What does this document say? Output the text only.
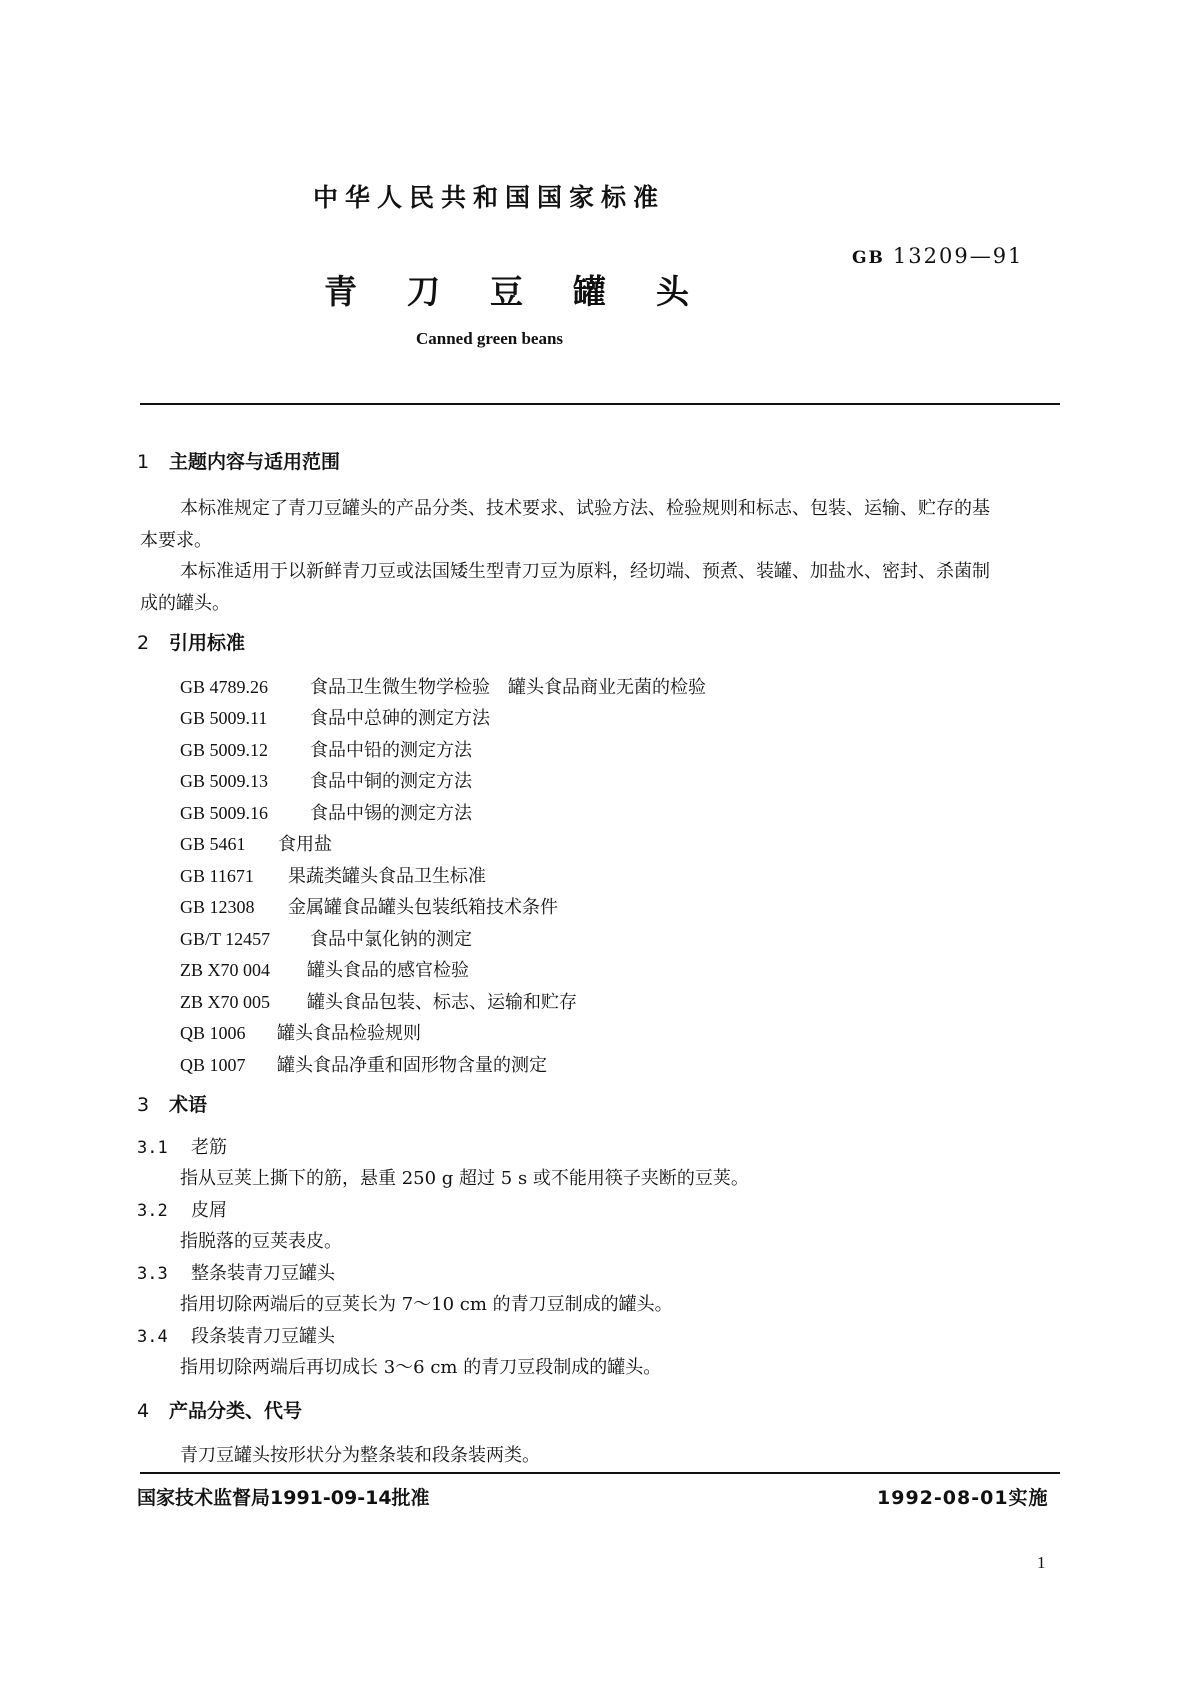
中华人民共和国国家标准
GB 13209—91
青刀豆罐头
Canned green beans
1 主题内容与适用范围
本标准规定了青刀豆罐头的产品分类、技术要求、试验方法、检验规则和标志、包装、运输、贮存的基
本要求。
本标准适用于以新鲜青刀豆或法国矮生型青刀豆为原料，经切端、预煮、装罐、加盐水、密封、杀菌制
成的罐头。
2 引用标准
GB 4789.26 食品卫生微生物学检验　罐头食品商业无菌的检验
GB 5009.11 食品中总砷的测定方法
GB 5009.12 食品中铅的测定方法
GB 5009.13 食品中铜的测定方法
GB 5009.16 食品中锡的测定方法
GB 5461 食用盐
GB 11671 果蔬类罐头食品卫生标准
GB 12308 金属罐食品罐头包装纸箱技术条件
GB/T 12457 食品中氯化钠的测定
ZB X70 004 罐头食品的感官检验
ZB X70 005 罐头食品包装、标志、运输和贮存
QB 1006 罐头食品检验规则
QB 1007 罐头食品净重和固形物含量的测定
3 术语
3.1 老筋
指从豆荚上撕下的筋，悬重 250 g 超过 5 s 或不能用筷子夹断的豆荚。
3.2 皮屑
指脱落的豆荚表皮。
3.3 整条装青刀豆罐头
指用切除两端后的豆荚长为 7～10 cm 的青刀豆制成的罐头。
3.4 段条装青刀豆罐头
指用切除两端后再切成长 3～6 cm 的青刀豆段制成的罐头。
4 产品分类、代号
青刀豆罐头按形状分为整条装和段条装两类。
国家技术监督局1991-09-14批准	1992-08-01实施
1
